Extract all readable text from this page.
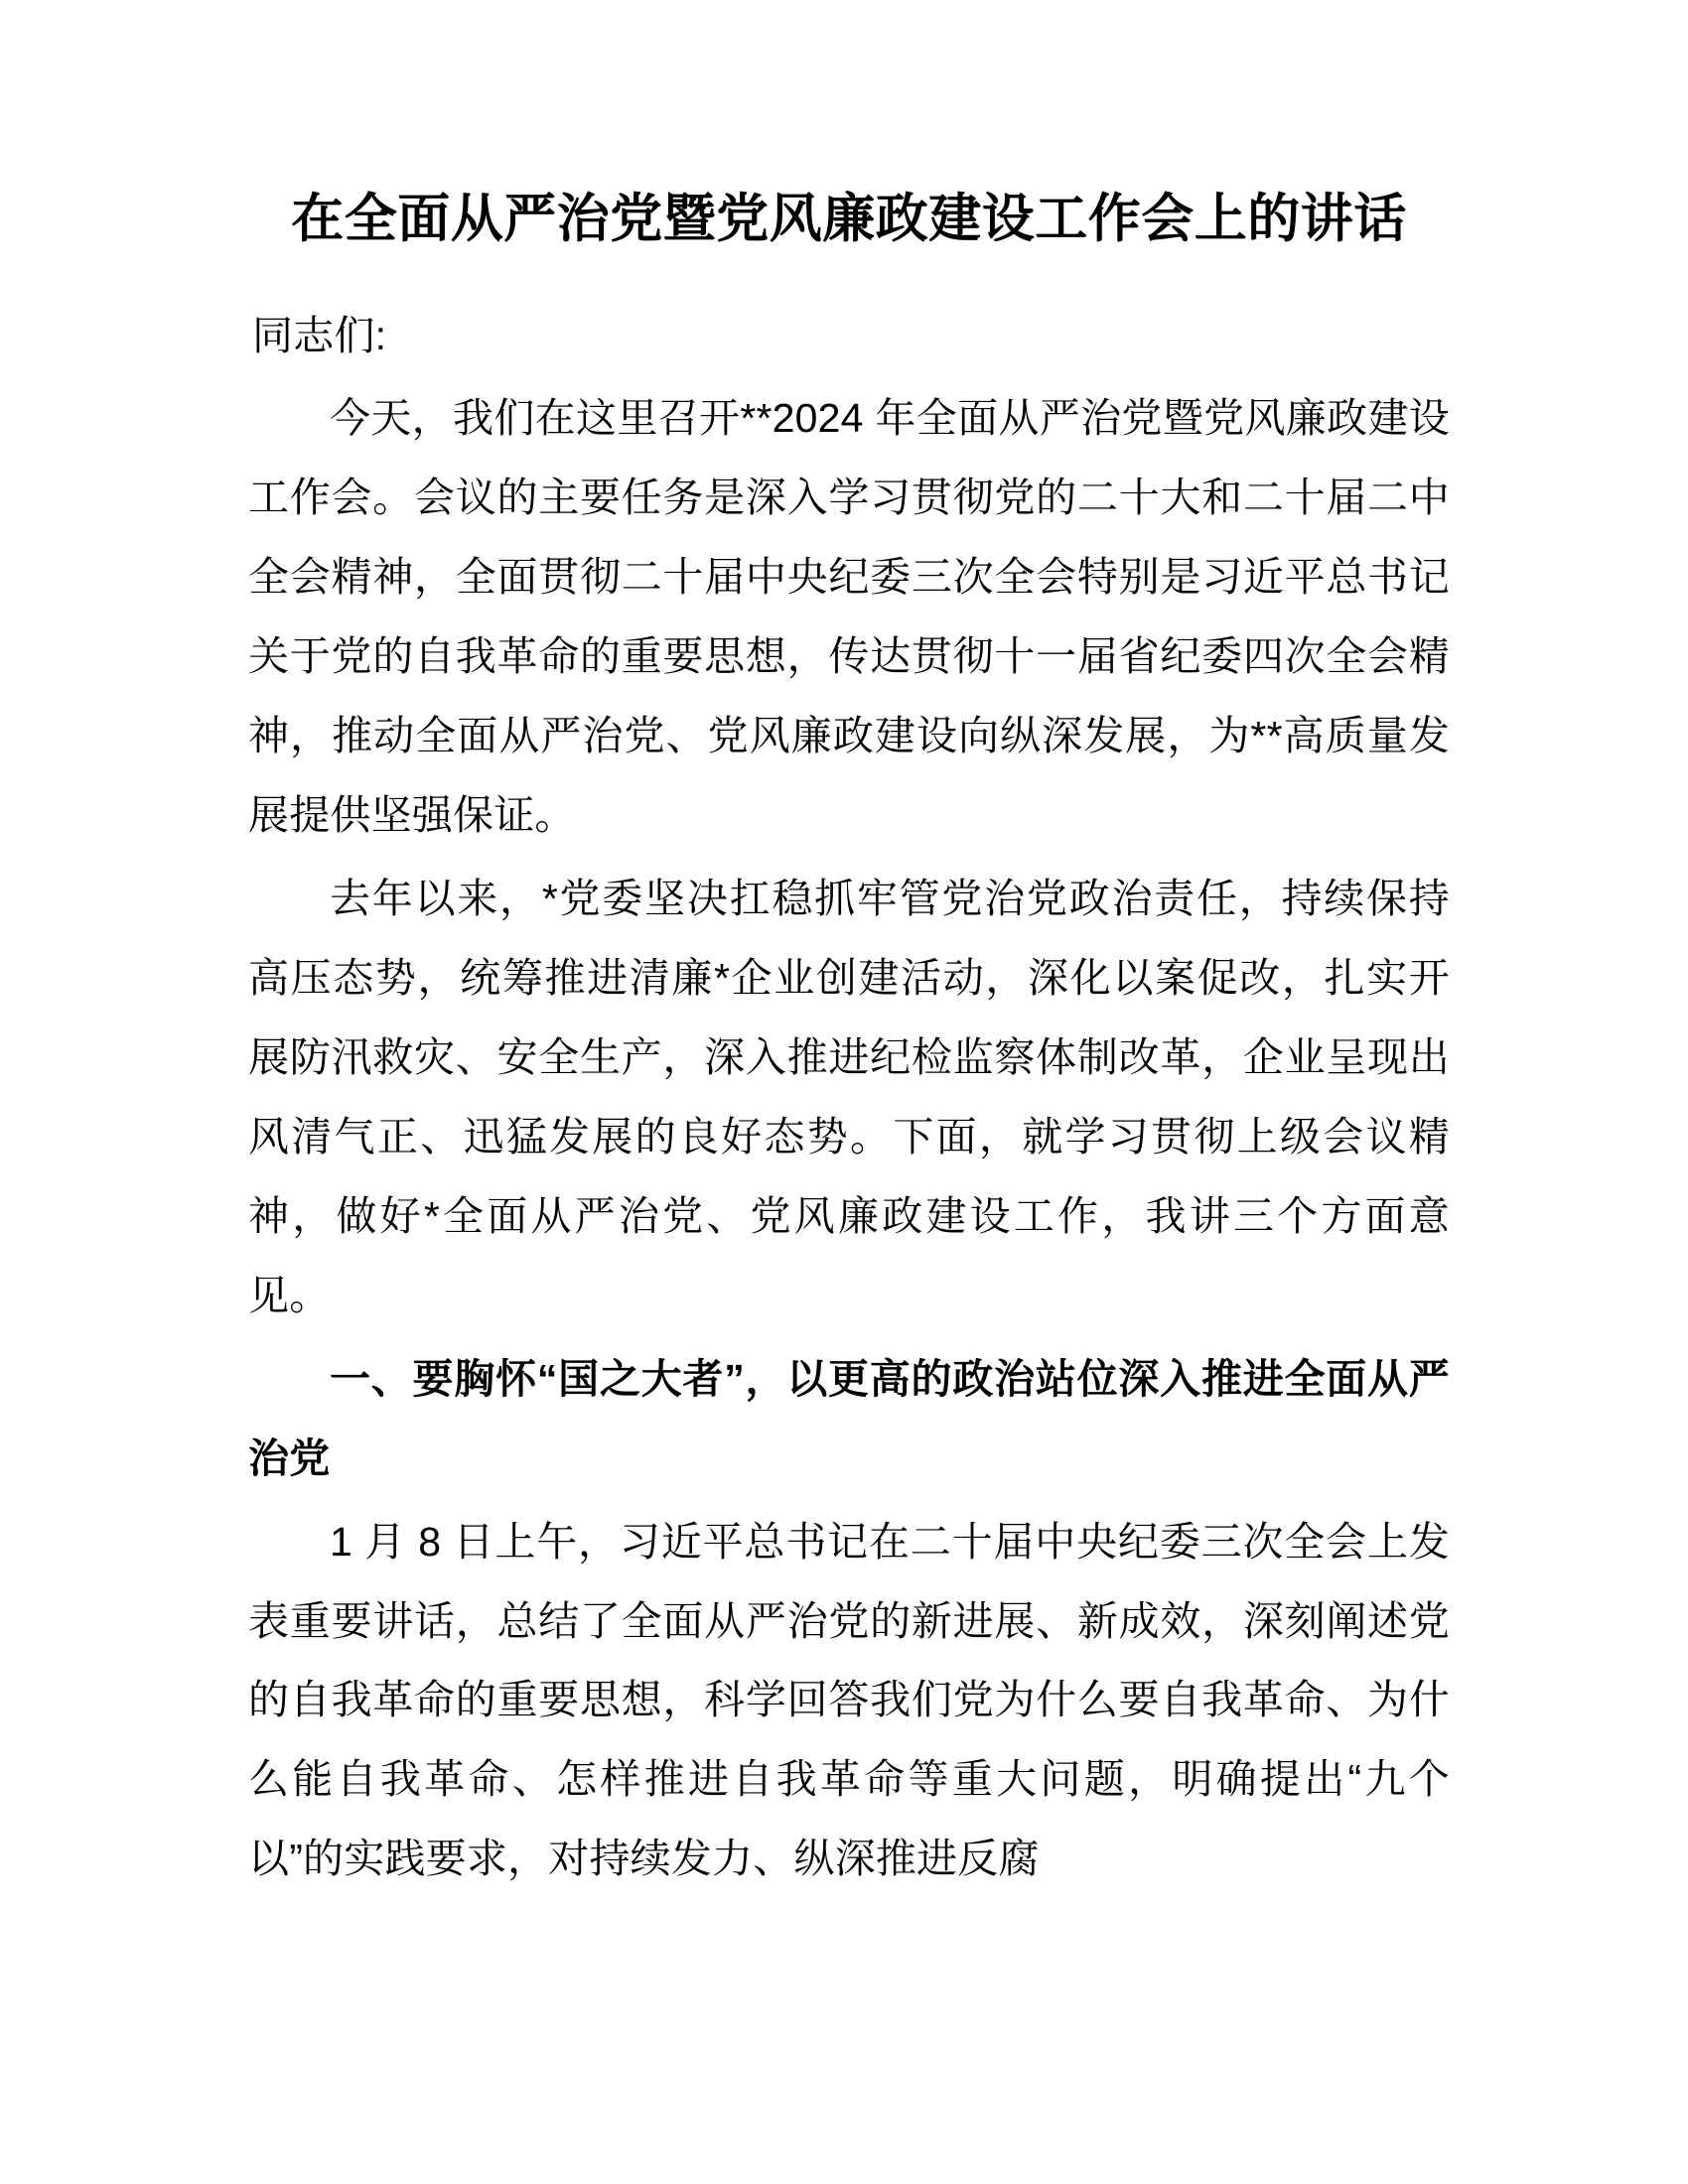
在全面从严治党暨党风廉政建设工作会上的讲话

同志们:

今天，我们在这里召开**2024 年全面从严治党暨党风廉政建设工作会。会议的主要任务是深入学习贯彻党的二十大和二十届二中全会精神，全面贯彻二十届中央纪委三次全会特别是习近平总书记关于党的自我革命的重要思想，传达贯彻十一届省纪委四次全会精神，推动全面从严治党、党风廉政建设向纵深发展，为**高质量发展提供坚强保证。

去年以来，*党委坚决扛稳抓牢管党治党政治责任，持续保持高压态势，统筹推进清廉*企业创建活动，深化以案促改，扎实开展防汛救灾、安全生产，深入推进纪检监察体制改革，企业呈现出风清气正、迅猛发展的良好态势。下面，就学习贯彻上级会议精神，做好*全面从严治党、党风廉政建设工作，我讲三个方面意见。

一、要胸怀“国之大者”，以更高的政治站位深入推进全面从严治党

1 月 8 日上午，习近平总书记在二十届中央纪委三次全会上发表重要讲话，总结了全面从严治党的新进展、新成效，深刻阐述党的自我革命的重要思想，科学回答我们党为什么要自我革命、为什么能自我革命、怎样推进自我革命等重大问题，明确提出“九个以”的实践要求，对持续发力、纵深推进反腐
